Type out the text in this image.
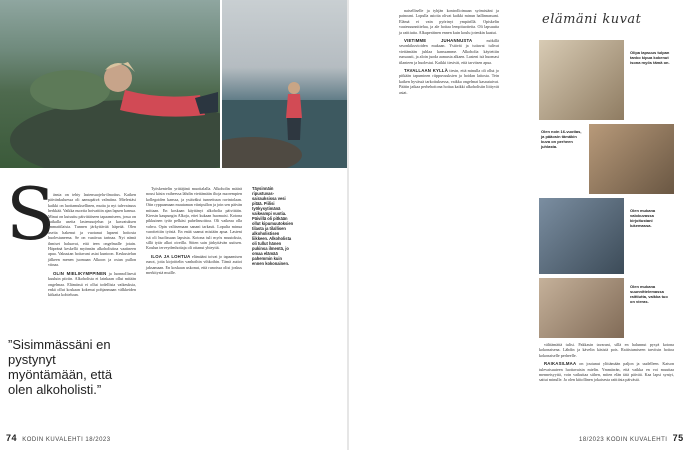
S

änsta on tehty lastensuojelu-ilmoitus. Kaiken päivänkuluessa oli aamupäivä valmiina. Mielestäsi kaikki on luottamuksellinen, mutta ja nyt tulevaisuus herkkää. Vaikka nuortia hoivattiin ajan lapsen kanssa. Minut on kutsuttu päivittäiseen tapaamiseen, jossa on paikalla useita lastensuojelun ja kasvatuksen ammattilaisia. Tunnen järkyttävää häpeää. Olen useita hakenut ja vuotanut lapseni hoitosta huolestuneena. Se on vaativaa tarinaa. Nyt nämä ihmiset haluavat, että teen ongelmalle jotain. Häpeänä keskellä myönnän alkoholistina vaatineen apua. Vakuutan hoitavani asiat kuntoon. Keskustelun jälkeen menen juomaan Alkoon ja ostan pullon viinaa.

OLIN MIELIKYMPPINEN ja luonnollisesti kuuluin piiriin. Alkoholista ei lainkaan ollut mitään ongelmaa. Elämässä ei ollut todellisia vaikeuksia, enkä ollut koskaan kokenut pohjanmaan välkkeiden kitkatta kohteluun.

”Sisimmässäni en pystynyt myöntämään, että olen alkoholisti.”

Työskentelin yrittäjänä muotialalla. Alkoholin määrä nousi käsin vaiheessa lähdin viettämään iltoja nuorempien kollegoiden kanssa, ja ystäväksi tunnettuun ravintolaan. Otin ryppaamaan muutaman viinipullon ja join sen päivän mittaan. En koskaan käyttänyt alkoholia päivittäin. Kiersin kaupungin Alkoja, ettei kukaan huomaisi. Kotona pikkuinen tytär pelkäsi puhelinsoittoa. Oli vaikeaa olla vahva. Opin valitsemaan sanani tarkasti. Lopulta minua varoitettiin työstä. En enää saanut mistään apua. Lasteni isä oli huolissaan lapsista. Kotona tuli myös muutoksia, sillä tytär alkoi oireilla. Sitten sain järkyttävän uutisen. Koulun terveydenhoitaja oli ottanut yhteyttä.

ILOA JA LOHTUA elämääni toivat jo tapaamisen runot, joita kirjoittelin vanhoihin vihkoihin. Tämä auttoi jaksamaan. En koskaan uskonut, että runoissa olisi joskus merkitystä muille.

Täysinnäin ripustuvas-sairauksissa vesi pitää. Piilisi työkysytimänä vaikeampi vuotia. Päivillä oli pitkään ollut kipumuutoksien tilasta ja tilallisen alkoholistisen liikkeen. Alkoholista oli tullut hänen pukinsa ilmentä, jo omaa elämää pahemmin kuin ennen kokonainen.
74 KODIN KUVALEHTI 18/2023

naiselliselle ja tyhjän kontrolloimaan syömistäni ja painoani. Lopulla asioita olivat kaikki minun hallinnassani. Elämä ei vain pyörinyt ympärillä. Opiskelin vaatesuunnittelua, ja ale hoitaa lempituotteita. Oli lapsuutta ja raittiutta. Alkuperäinen ennen kuin koulu jotenkin kaatui.

VIETIMME JUHANNUSTA	mökillä sesonkikuvioiden mukaan. Ystävät ja tuttavat tulivat viettämään juhlaa kanssamme. Alkoholia käytettiin runsaasti, ja aloin juoda aamusta alkaen. Lasteni isä huomasi tilanteen ja huolestui. Kaikki tiesivät, että tarvitsen apua.

TAVALLAAN KYLLÄ tiesin, että minulla oli ollut jo pitkään tapuminen riippuvuuksien ja hoidan laitosta. Tein kaiken hyvässä tarkoituksessa, vaikka ongelmat kasautuivat. Päätin jatkaa perhehoitona hoitaa kaikki alkoholisiin liittyvät asiat.

elämäni kuvat
Olipa lapsuus tulpan tanko kipua kokenut isona myös tämä on.
Olen noin 16-vuotias, ja pääosin tämäkin kuva on perheen juhlasta.
Olen mukana valokuvassa kirjoitustani lukemassa.
Olen mukana suunnittelemassa raittiutta, vaikka tuo on vieras.

välttämättä tulisi. Pakkasin tavarani, sillä en halunnut pysyä kotona kokonaisena. Lähdin ja kävelin käsistä pois. Raitistumiseen tarvitsin hoitoa kokonaiselle perheelle.

RAIKASILMAA on joutunut ylittämään paljon ja uudelleen. Katson tulevaisuuteen luottavaisin mielin. Ymmärrän, että vaikka en voi muuttaa menneisyyttä, voin vaikuttaa siihen, miten elän tätä päivää. Kaa lapsi syntyi, sattui minulle. Ja olen kiitollinen jokaisesta raittiista päivästä.

18/2023 KODIN KUVALEHTI 75
